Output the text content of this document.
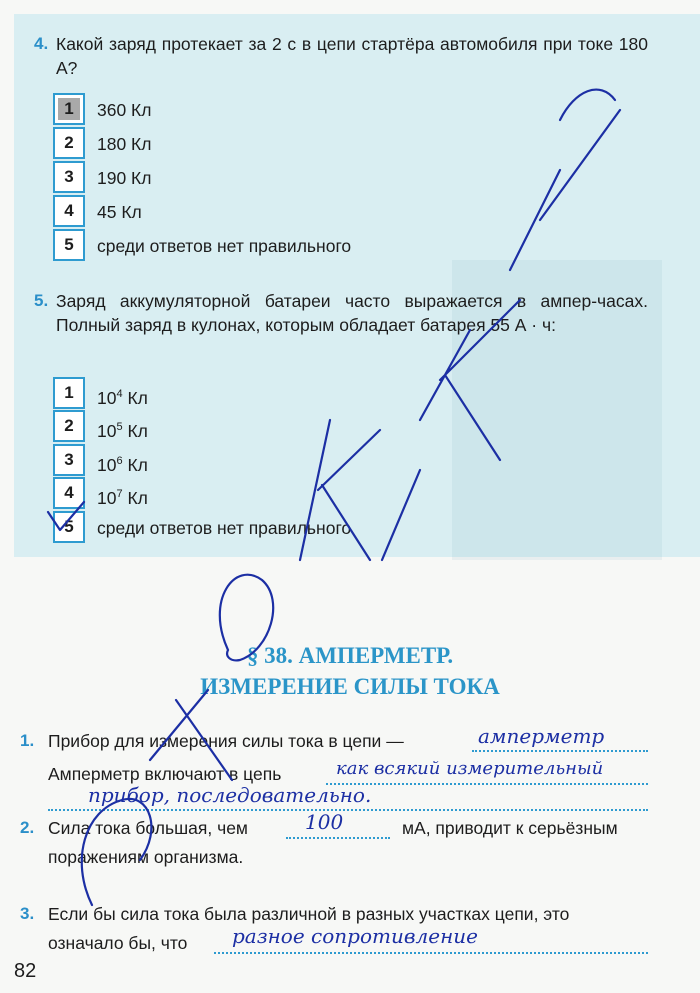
4. Какой заряд протекает за 2 с в цепи стартёра автомобиля при токе 180 А?
1	360 Кл
2	180 Кл
3	190 Кл
4	45 Кл
5	среди ответов нет правильного
5. Заряд аккумуляторной батареи часто выражается в ампер-часах. Полный заряд в кулонах, которым обладает батарея 55 А · ч:
1	$10^4$ Кл
2	$10^5$ Кл
3	$10^6$ Кл
4	$10^7$ Кл
5	среди ответов нет правильного
§ 38. АМПЕРМЕТР.
ИЗМЕРЕНИЕ СИЛЫ ТОКА
1. Прибор для измерения силы тока в цепи —	амперметр
Амперметр включают в цепь	как всякий измерительный
прибор, последовательно.
2. Сила тока большая, чем	100	мА, приводит к серьёзным
поражениям организма.
3. Если бы сила тока была различной в разных участках цепи, это
означало бы, что разное сопротивление
82
